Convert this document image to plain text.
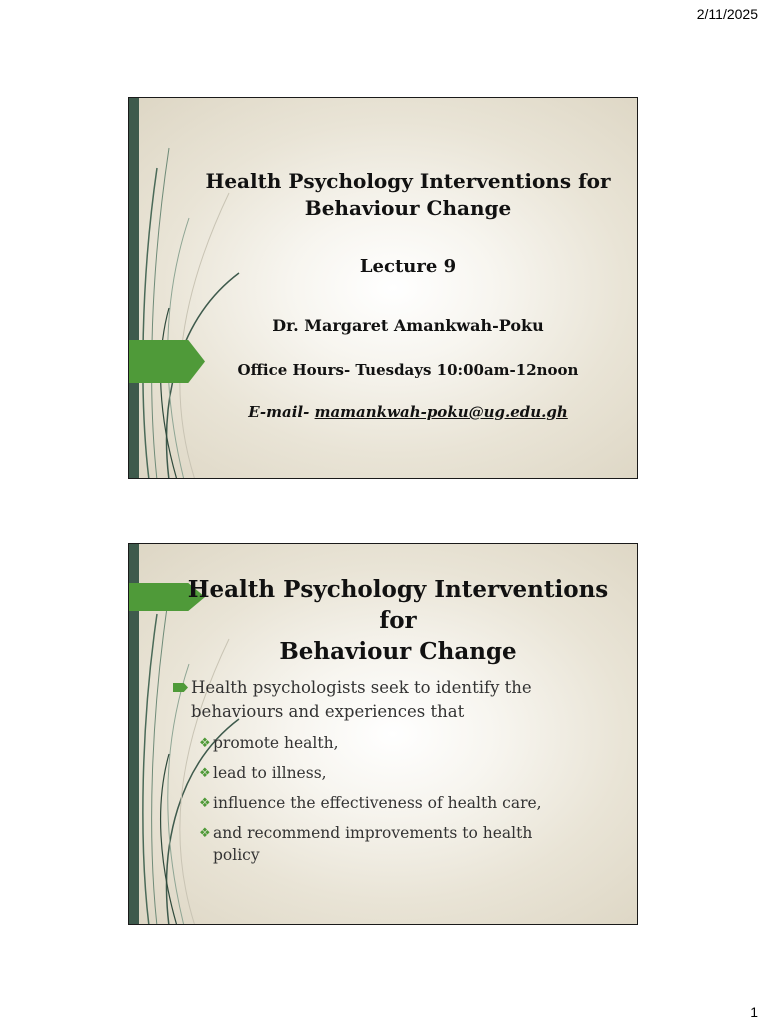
2/11/2025
Health Psychology Interventions for
Behaviour Change
Lecture 9
Dr. Margaret Amankwah-Poku
Office Hours- Tuesdays 10:00am-12noon
E-mail- mamankwah-poku@ug.edu.gh
Health Psychology Interventions for
Behaviour Change
Health psychologists seek to identify the behaviours and experiences that
❖ promote health,
❖ lead to illness,
❖ influence the effectiveness of health care,
❖ and recommend improvements to health policy
1
